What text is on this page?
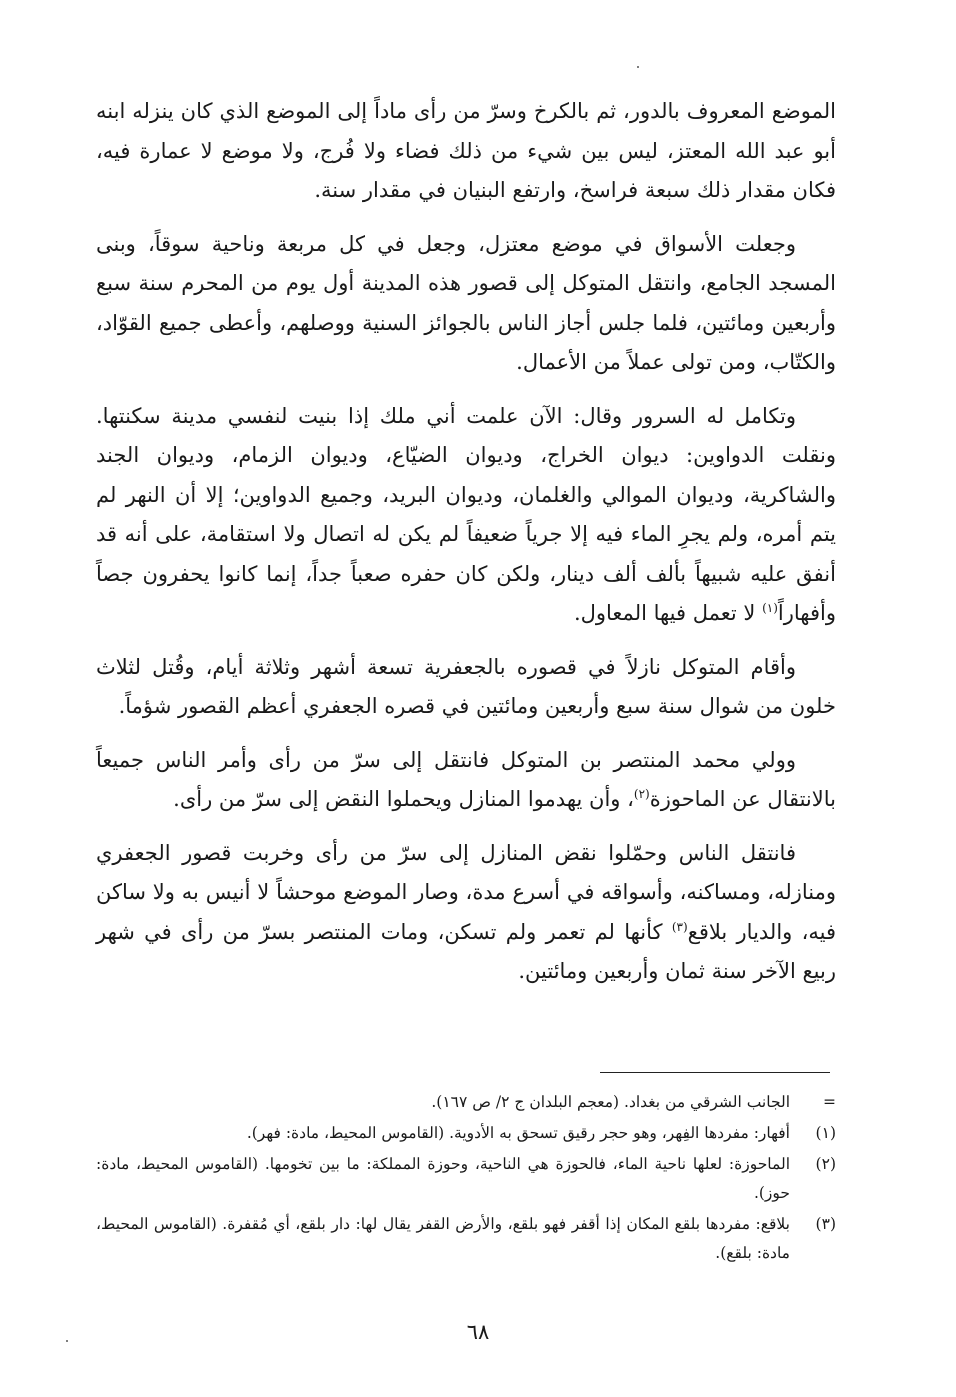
الموضع المعروف بالدور، ثم بالكرخ وسرّ من رأى ماداً إلى الموضع الذي كان ينزله ابنه أبو عبد الله المعتز، ليس بين شيء من ذلك فضاء ولا فُرج، ولا موضع لا عمارة فيه، فكان مقدار ذلك سبعة فراسخ، وارتفع البنيان في مقدار سنة.

وجعلت الأسواق في موضع معتزل، وجعل في كل مربعة وناحية سوقاً، وبنى المسجد الجامع، وانتقل المتوكل إلى قصور هذه المدينة أول يوم من المحرم سنة سبع وأربعين ومائتين، فلما جلس أجاز الناس بالجوائز السنية ووصلهم، وأعطى جميع القوّاد، والكتّاب، ومن تولى عملاً من الأعمال.

وتكامل له السرور وقال: الآن علمت أني ملك إذا بنيت لنفسي مدينة سكنتها. ونقلت الدواوين: ديوان الخراج، وديوان الضيّاع، وديوان الزمام، وديوان الجند والشاكرية، وديوان الموالي والغلمان، وديوان البريد، وجميع الدواوين؛ إلا أن النهر لم يتم أمره، ولم يجرِ الماء فيه إلا جرياً ضعيفاً لم يكن له اتصال ولا استقامة، على أنه قد أنفق عليه شبيهاً بألف ألف دينار، ولكن كان حفره صعباً جداً، إنما كانوا يحفرون جصاً وأفهاراً$^{(١)}$ لا تعمل فيها المعاول.

وأقام المتوكل نازلاً في قصوره بالجعفرية تسعة أشهر وثلاثة أيام، وقُتل لثلاث خلون من شوال سنة سبع وأربعين ومائتين في قصره الجعفري أعظم القصور شؤماً.

وولي محمد المنتصر بن المتوكل فانتقل إلى سرّ من رأى وأمر الناس جميعاً بالانتقال عن الماحوزة$^{(٢)}$، وأن يهدموا المنازل ويحملوا النقض إلى سرّ من رأى.

فانتقل الناس وحمّلوا نقض المنازل إلى سرّ من رأى وخربت قصور الجعفري ومنازله، ومساكنه، وأسواقه في أسرع مدة، وصار الموضع موحشاً لا أنيس به ولا ساكن فيه، والديار بلاقع$^{(٣)}$ كأنها لم تعمر ولم تسكن، ومات المنتصر بسرّ من رأى في شهر ربيع الآخر سنة ثمان وأربعين ومائتين.

=
الجانب الشرقي من بغداد. (معجم البلدان ج ٢/ ص ١٦٧).
(١)
أفهار: مفردها الفِهر، وهو حجر رقيق تسحق به الأدوية. (القاموس المحيط، مادة: فهر).
(٢)
الماحوزة: لعلها ناحية الماء، فالحوزة هي الناحية، وحوزة المملكة: ما بين تخومها. (القاموس المحيط، مادة: حوز).
(٣)
بلاقع: مفردها بلقع المكان إذا أقفر فهو بلقع، والأرض القفر يقال لها: دار بلقع، أي مُقفرة. (القاموس المحيط، مادة: بلقع).
٦٨
